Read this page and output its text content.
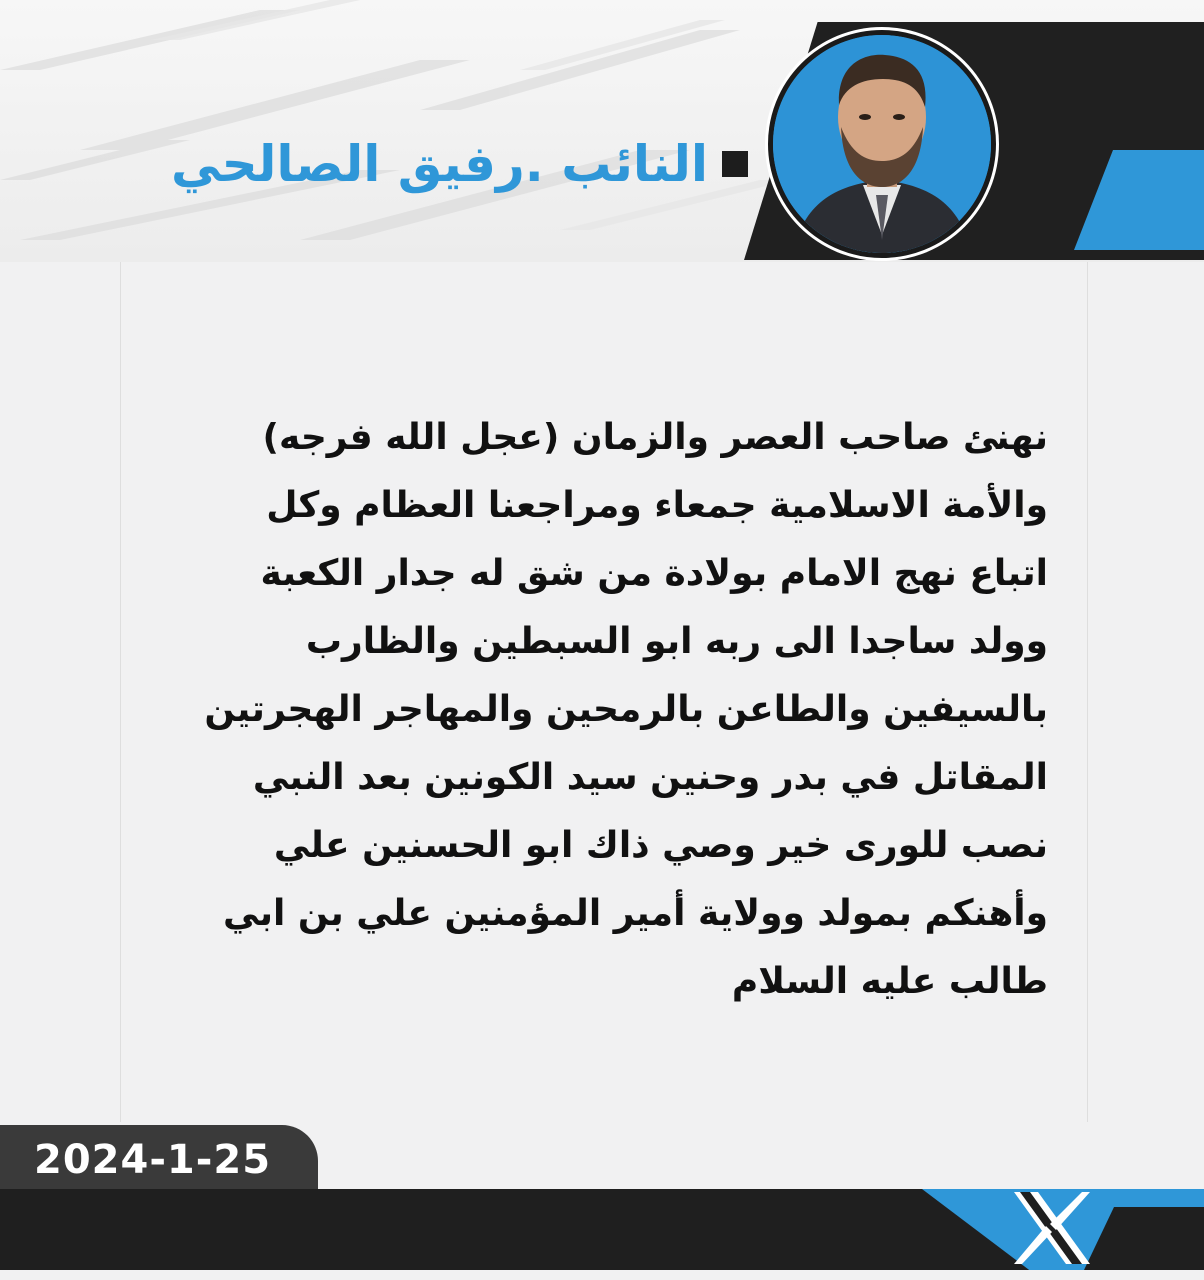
النائب .رفيق الصالحي
نهنئ صاحب العصر والزمان (عجل الله فرجه)
والأمة الاسلامية جمعاء ومراجعنا العظام وكل
اتباع نهج الامام بولادة من شق له جدار الكعبة
وولد ساجدا الى ربه ابو السبطين والظارب
بالسيفين والطاعن بالرمحين والمهاجر الهجرتين
المقاتل في بدر وحنين سيد الكونين بعد النبي
نصب للورى خير وصي ذاك ابو الحسنين علي
وأهنكم بمولد وولاية أمير المؤمنين علي بن ابي
طالب عليه السلام
2024-1-25
